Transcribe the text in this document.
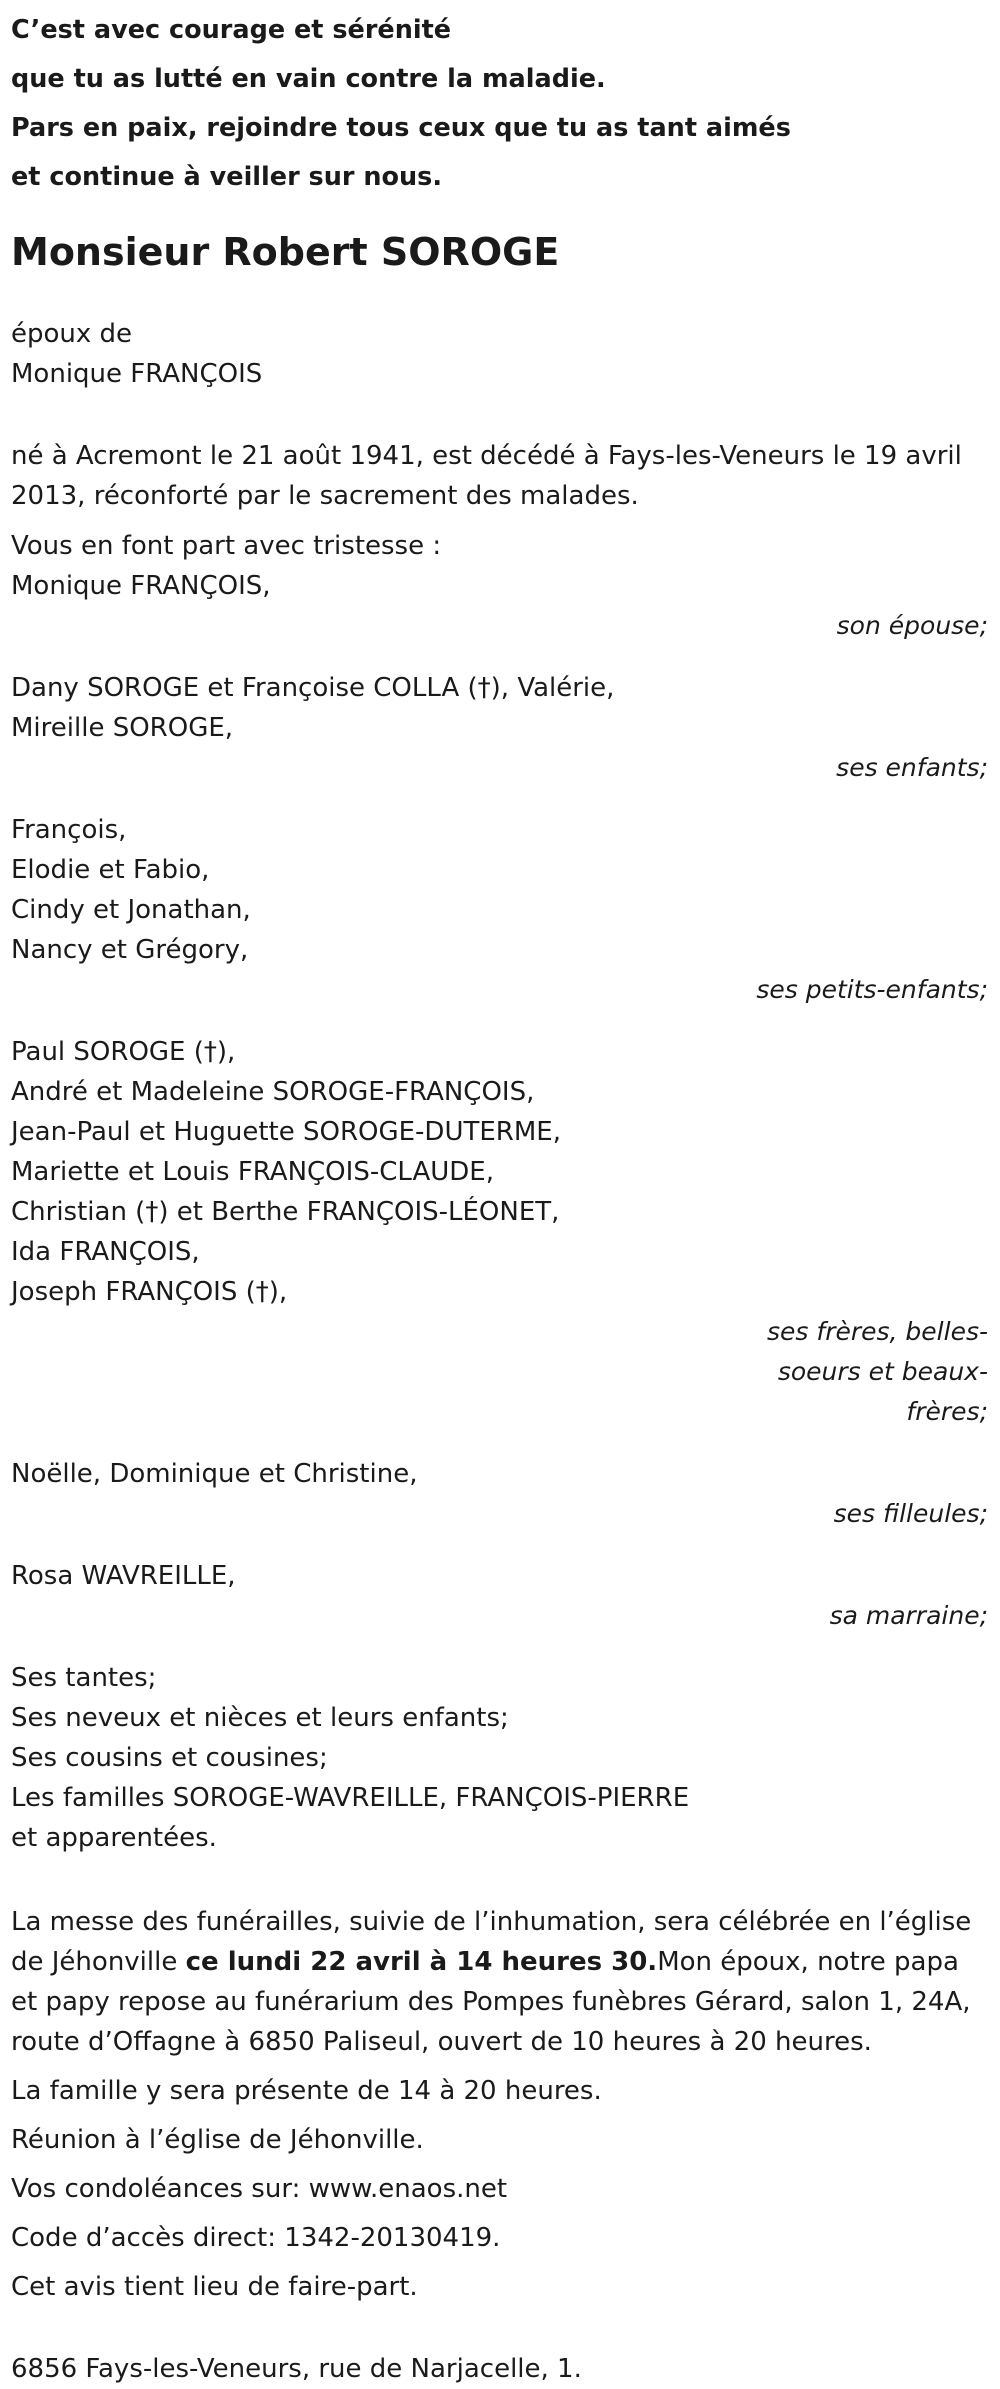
C’est avec courage et sérénité

que tu as lutté en vain contre la maladie.

Pars en paix, rejoindre tous ceux que tu as tant aimés

et continue à veiller sur nous.

Monsieur Robert SOROGE
époux de
Monique FRANÇOIS
né à Acremont le 21 août 1941, est décédé à Fays-les-Veneurs le 19 avril 2013, réconforté par le sacrement des malades.
Vous en font part avec tristesse :
Monique FRANÇOIS,
son épouse;
Dany SOROGE et Françoise COLLA (†), Valérie,
Mireille SOROGE,
ses enfants;
François,
Elodie et Fabio,
Cindy et Jonathan,
Nancy et Grégory,
ses petits-enfants;
Paul SOROGE (†),
André et Madeleine SOROGE-FRANÇOIS,
Jean-Paul et Huguette SOROGE-DUTERME,
Mariette et Louis FRANÇOIS-CLAUDE,
Christian (†) et Berthe FRANÇOIS-LÉONET,
Ida FRANÇOIS,
Joseph FRANÇOIS (†),
ses frères, belles-soeurs et beaux-frères;
Noëlle, Dominique et Christine,
ses filleules;
Rosa WAVREILLE,
sa marraine;
Ses tantes;
Ses neveux et nièces et leurs enfants;
Ses cousins et cousines;
Les familles SOROGE-WAVREILLE, FRANÇOIS-PIERRE
et apparentées.
La messe des funérailles, suivie de l’inhumation, sera célébrée en l’église de Jéhonville ce lundi 22 avril à 14 heures 30.Mon époux, notre papa et papy repose au funérarium des Pompes funèbres Gérard, salon 1, 24A, route d’Offagne à 6850 Paliseul, ouvert de 10 heures à 20 heures.
La famille y sera présente de 14 à 20 heures.
Réunion à l’église de Jéhonville.
Vos condoléances sur: www.enaos.net
Code d’accès direct: 1342-20130419.
Cet avis tient lieu de faire-part.
6856 Fays-les-Veneurs, rue de Narjacelle, 1.
